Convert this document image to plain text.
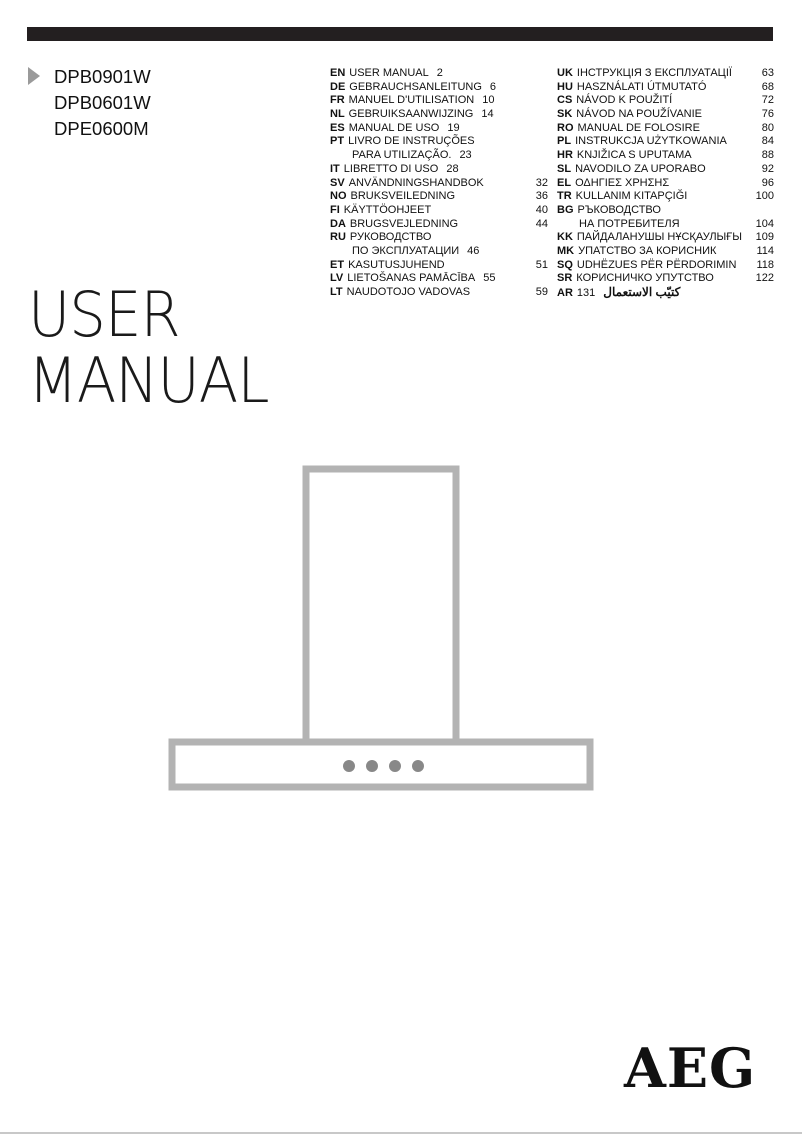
DPB0901W
DPB0601W
DPE0600M
USER
MANUAL
EN USER MANUAL 2
DE GEBRAUCHSANLEITUNG 6
FR MANUEL D'UTILISATION 10
NL GEBRUIKSAANWIJZING 14
ES MANUAL DE USO 19
PT LIVRO DE INSTRUÇÕES
PARA UTILIZAÇÃO. 23
IT LIBRETTO DI USO 28
SV ANVÄNDNINGSHANDBOK	32
NO BRUKSVEILEDNING	36
FI KÄYTTÖOHJEET	40
DA BRUGSVEJLEDNING	44
RU РУКОВОДСТВО
ПО ЭКСПЛУАТАЦИИ 46
ET KASUTUSJUHEND	51
LV LIETOŠANAS PAMĀCĪBA 55
LT NAUDOTOJO VADOVAS	59
UK ІНСТРУКЦІЯ З ЕКСПЛУАТАЦІЇ	63
HU HASZNÁLATI ÚTMUTATÓ	68
CS NÁVOD K POUŽITÍ	72
SK NÁVOD NA POUŽÍVANIE	76
RO MANUAL DE FOLOSIRE	80
PL INSTRUKCJA UŻYTKOWANIA	84
HR KNJIŽICA S UPUTAMA	88
SL NAVODILO ZA UPORABO	92
EL ΟΔΗΓΙΕΣ ΧΡΗΣΗΣ	96
TR KULLANIM KITAPÇIĞI	100
BG РЪКОВОДСТВО
НА ПОТРЕБИТЕЛЯ	104
KK ПАЙДАЛАНУШЫ НҰСҚАУЛЫҒЫ 109
MK УПАТСТВО ЗА КОРИСНИК	114
SQ UDHËZUES PËR PËRDORIMIN 118
SR КОРИСНИЧКО УПУТСТВО	122
AR	كتيّب الاستعمال131
AEG
